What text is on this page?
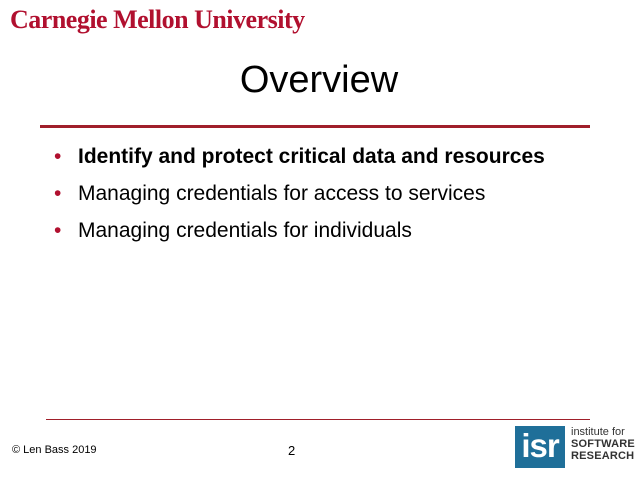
Carnegie Mellon University
Overview
• Identify and protect critical data and resources
• Managing credentials for access to services
• Managing credentials for individuals
© Len Bass 2019	2	isr	institute for
SOFTWARE
RESEARCH
